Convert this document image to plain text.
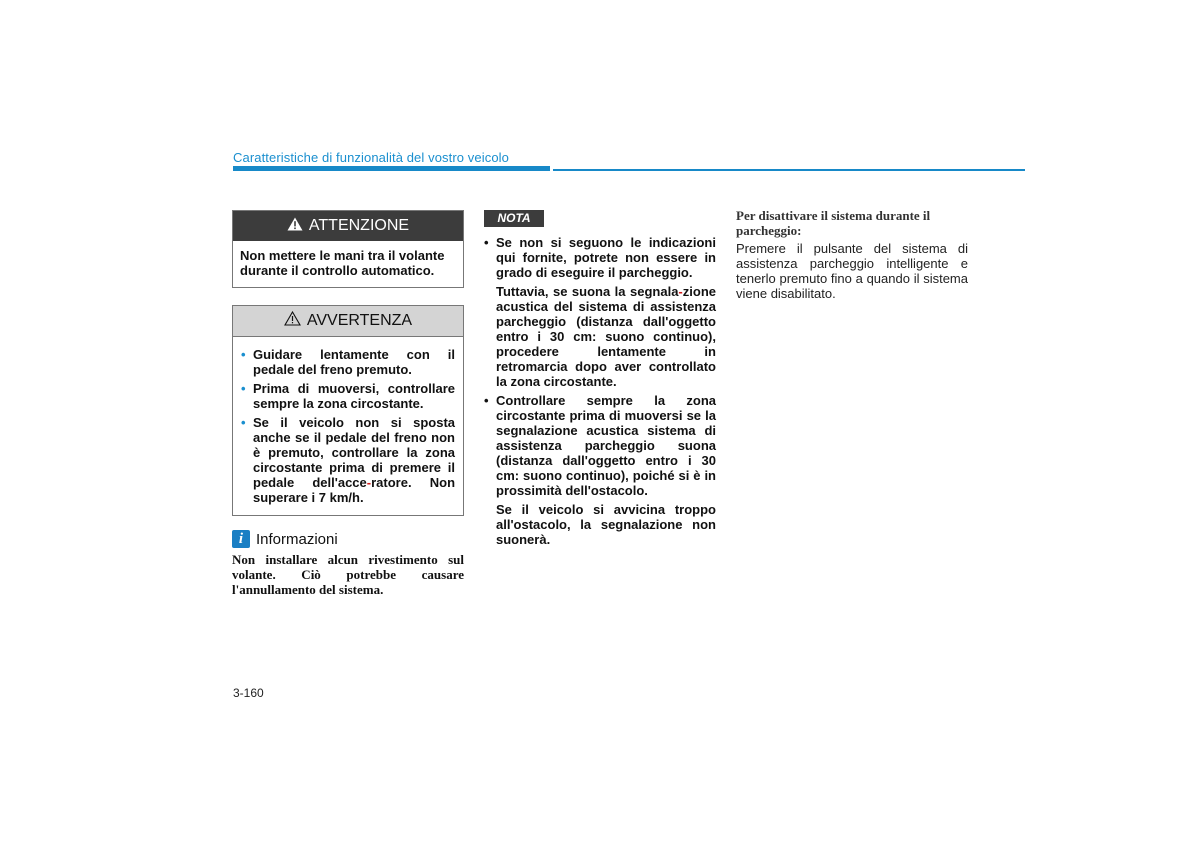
Caratteristiche di funzionalità del vostro veicolo
ATTENZIONE
Non mettere le mani tra il volante durante il controllo automatico.
AVVERTENZA
• Guidare lentamente con il pedale del freno premuto.
• Prima di muoversi, controllare sempre la zona circostante.
• Se il veicolo non si sposta anche se il pedale del freno non è premuto, controllare la zona circostante prima di premere il pedale dell'acce-ratore. Non superare i 7 km/h.
i Informazioni
Non installare alcun rivestimento sul volante. Ciò potrebbe causare l'annullamento del sistema.
NOTA
• Se non si seguono le indicazioni qui fornite, potrete non essere in grado di eseguire il parcheggio.

Tuttavia, se suona la segnala-zione acustica del sistema di assistenza parcheggio (distanza dall'oggetto entro i 30 cm: suono continuo), procedere lentamente in retromarcia dopo aver controllato la zona circostante.

• Controllare sempre la zona circostante prima di muoversi se la segnalazione acustica sistema di assistenza parcheggio suona (distanza dall'oggetto entro i 30 cm: suono continuo), poiché si è in prossimità dell'ostacolo.

Se il veicolo si avvicina troppo all'ostacolo, la segnalazione non suonerà.

Per disattivare il sistema durante il parcheggio:
Premere il pulsante del sistema di assistenza parcheggio intelligente e tenerlo premuto fino a quando il sistema viene disabilitato.
3-160
